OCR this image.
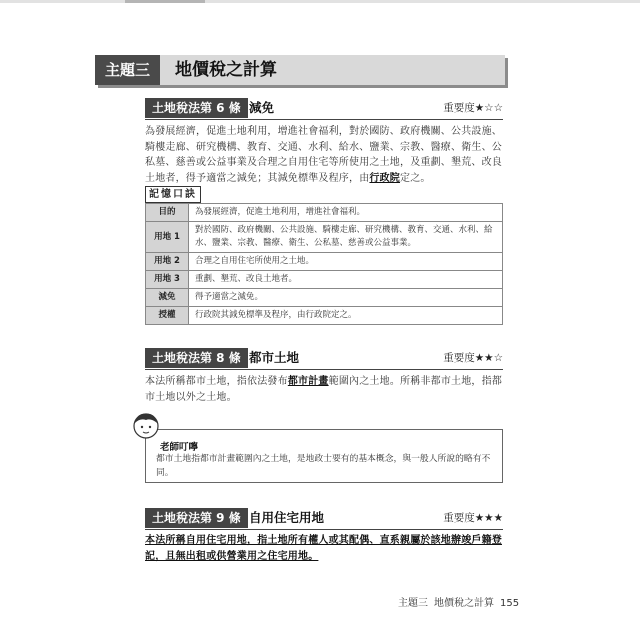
主題三	地價稅之計算
土地稅法第 6 條 減免	重要度★☆☆
為發展經濟，促進土地利用，增進社會福利，對於國防、政府機關、公共設施、騎樓走廊、研究機構、教育、交通、水利、給水、鹽業、宗教、醫療、衛生、公私墓、慈善或公益事業及合理之自用住宅等所使用之土地，及重劃、墾荒、改良土地者，得予適當之減免；其減免標準及程序，由行政院定之。
記憶口訣
目的	為發展經濟，促進土地利用，增進社會福利。
用地 1	對於國防、政府機關、公共設施、騎樓走廊、研究機構、教育、交通、水利、給水、鹽業、宗教、醫療、衛生、公私墓、慈善或公益事業。
用地 2	合理之自用住宅所使用之土地。
用地 3	重劃、墾荒、改良土地者。
減免	得予適當之減免。
授權	行政院其減免標準及程序，由行政院定之。
土地稅法第 8 條 都市土地	重要度★★☆
本法所稱都市土地，指依法發布都市計畫範圍內之土地。所稱非都市土地，指都市土地以外之土地。
老師叮嚀
都市土地指都市計畫範圍內之土地，是地政士要有的基本概念，與一般人所說的略有不同。
土地稅法第 9 條 自用住宅用地	重要度★★★
本法所稱自用住宅用地，指土地所有權人或其配偶、直系親屬於該地辦竣戶籍登記，且無出租或供營業用之住宅用地。
主題三 地價稅之計算 155
